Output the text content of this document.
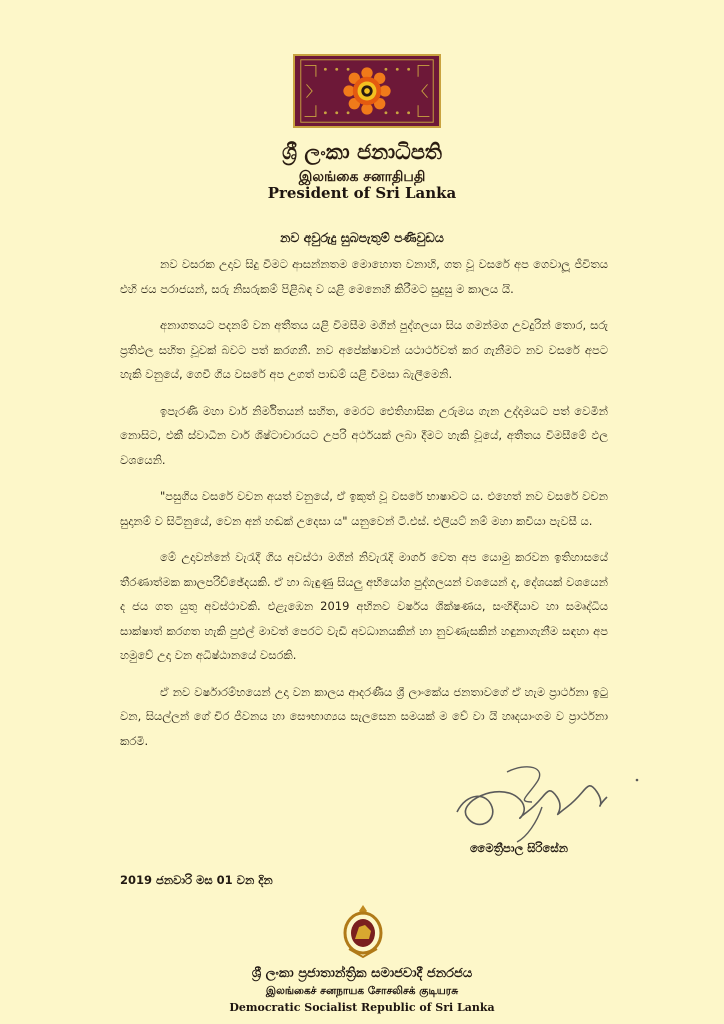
ශ්‍රී ලංකා ජනාධිපති
இலங்கை சனாதிபதி
President of Sri Lanka
නව අවුරුදු සුබපැතුම් පණිවුඩය

නව වසරක උදාව සිදු වීමට ආසන්නතම මොහොත වනාහි, ගත වූ වසරේ අප ගෙවාලූ ජීවිතය එහි ජය පරාජයන්, සරු නිසරුකම් පිළිබඳ ව යළි මෙනෙහි කිරීමට සුදුසු ම කාලය යි.

අනාගතයට පදනම් වන අතීතය යළි විමසීම මගින් පුද්ගලයා සිය ගමන්මග උවදුරින් තොර, සරු ප්‍රතිඵල සහිත වූවක් බවට පත් කරගනී. නව අපේක්ෂාවන් යථාර්ථවත් කර ගැනීමට නව වසරේ අපට හැකි වනුයේ, ගෙවී ගිය වසරේ අප උගත් පාඩම් යළි විමසා බැලීමෙනි.

ඉපැරණි මහා වාර් නිර්මිතයන් සහිත, මෙරට ඓතිහාසික උරුමය ගැන උද්දාමයට පත් වෙමින් නොසිට, එකී ස්වාධීන වාර් ශිෂ්ටාචාරයට උපරි අර්ථයක් ලබා දීමට හැකි වූයේ, අතීතය විමසීමේ ඵල වශයෙනි.

"පසුගිය වසරේ වචන අයත් වනුයේ, ඒ ඉකුත් වූ වසරේ භාෂාවට ය. එහෙත් නව වසරේ වචන සුදානම් ව සිටිනුයේ, වෙන අන් හඬක් උදෙසා ය" යනුවෙන් ටී.එස්. එලියට් නම් මහා කවියා පැවසී ය.

මේ උදාවන්නේ වැරැදී ගිය අවස්ථා මගින් නිවැරැදි මාර්ග වෙත අප යොමු කරවන ඉතිහාසයේ තීරණාත්මක කාලපරිච්ඡේදයකි. ඒ හා බැඳුණු සියලු අභියෝග පුද්ගලයන් වශයෙන් ද, දේශයක් වශයෙන් ද ජය ගත යුතු අවස්ථාවකි. එළැඹෙන 2019 අභිනව වර්ෂය ශික්ෂණය, සංහිඳියාව හා සමෘද්ධිය සාක්ෂාත් කරගත හැකි පුළුල් මාවත් පෙරට වැඩි අවධානයකින් හා නුවණැසකින් හඳුනාගැනීම සඳහා අප හමුවේ උදා වන අධිෂ්ඨානයේ වසරකි.

ඒ නව වර්ෂාරම්භයෙන් උදා වන කාලය ආදරණීය ශ්‍රී ලාංකේය ජනතාවගේ ඒ හැම ප්‍රාර්ථනා ඉටු වන, සියල්ලන් ගේ චිර ජීවනය හා සෞභාග්‍යය සැලසෙන සමයක් ම වේ වා යි හෘදයාංගම ව ප්‍රාර්ථනා කරමි.

මෛත්‍රීපාල සිරිසේන
2019 ජනවාරි මස 01 වන දින
ශ්‍රී ලංකා ප්‍රජාතාන්ත්‍රික සමාජවාදී ජනරජය
இலங்கைச் சனநாயக சோசலிசக் குடியரசு
Democratic Socialist Republic of Sri Lanka
